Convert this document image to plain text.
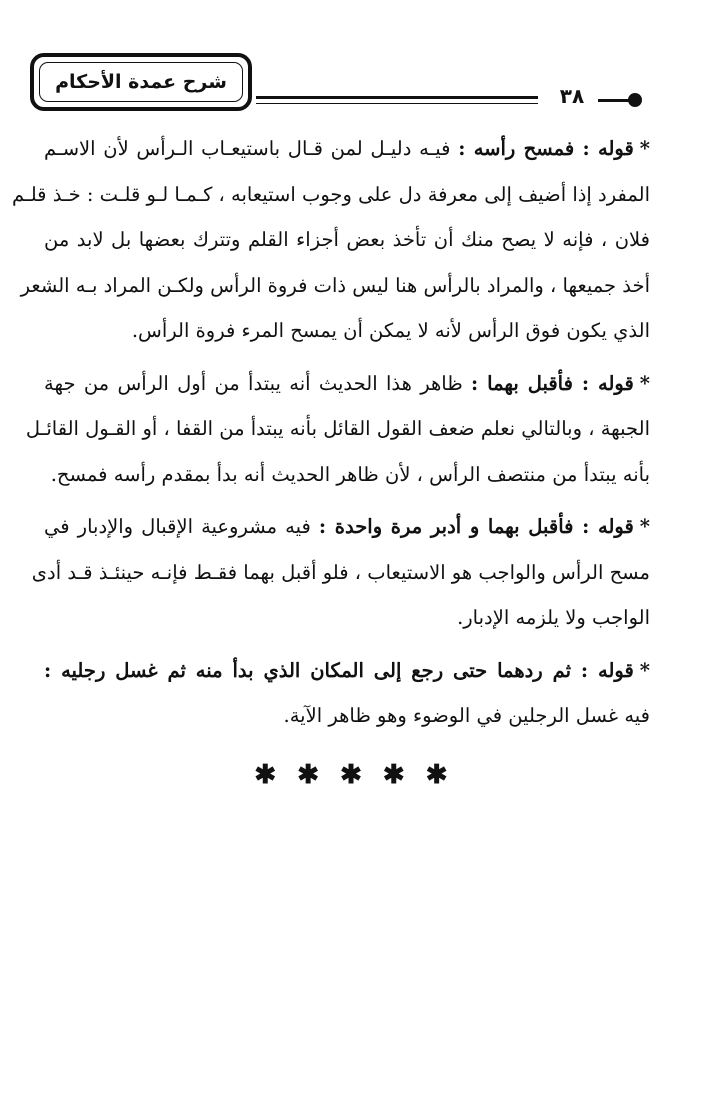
شرح عمدة الأحكام
٣٨
*قوله : فمسح رأسه : فيـه دليـل لمن قـال باستيعـاب الـرأس لأن الاسـم
المفرد إذا أضيف إلى معرفة دل على وجوب استيعابه ، كـمـا لـو قلـت : خـذ قلـم
فلان ، فإنه لا يصح منك أن تأخذ بعض أجزاء القلم وتترك بعضها بل لابد من
أخذ جميعها ، والمراد بالرأس هنا ليس ذات فروة الرأس ولكـن المراد بـه الشعر
الذي يكون فوق الرأس لأنه لا يمكن أن يمسح المرء فروة الرأس.
*قوله : فأقبل بهما : ظاهر هذا الحديث أنه يبتدأ من أول الرأس من جهة
الجبهة ، وبالتالي نعلم ضعف القول القائل بأنه يبتدأ من القفا ، أو القـول القائـل
بأنه يبتدأ من منتصف الرأس ، لأن ظاهر الحديث أنه بدأ بمقدم رأسه فمسح.
*قوله : فأقبل بهما و أدبر مرة واحدة : فيه مشروعية الإقبال والإدبار في
مسح الرأس والواجب هو الاستيعاب ، فلو أقبل بهما فقـط فإنـه حينئـذ قـد أدى
الواجب ولا يلزمه الإدبار.
*قوله : ثم ردهما حتى رجع إلى المكان الذي بدأ منه ثم غسل رجليه :
فيه غسل الرجلين في الوضوء وهو ظاهر الآية.
✱ ✱ ✱ ✱ ✱
